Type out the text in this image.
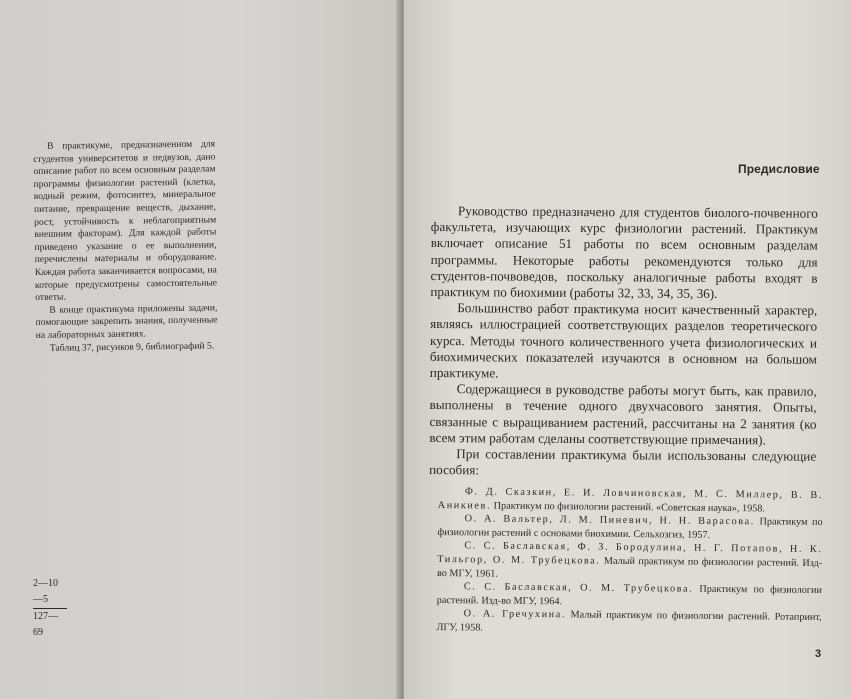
В практикуме, предназначенном для студентов университетов и педвузов, дано описание работ по всем основным разделам программы физиологии растений (клетка, водный режим, фотосинтез, минеральное питание, превращение веществ, дыхание, рост, устойчивость к неблагоприятным внешним факторам). Для каждой работы приведено указание о ее выполнении, перечислены материалы и оборудование. Каждая работа заканчивается вопросами, на которые предусмотрены самостоятельные ответы.

В конце практикума приложены задачи, помогающие закрепить знания, полученные на лабораторных занятиях.

Таблиц 37, рисунков 9, библиографий 5.

2—10—5
127—69
Предисловие

Руководство предназначено для студентов биолого-почвенного факультета, изучающих курс физиологии растений. Практикум включает описание 51 работы по всем основным разделам программы. Некоторые работы рекомендуются только для студентов-почвоведов, поскольку аналогичные работы входят в практикум по биохимии (работы 32, 33, 34, 35, 36).

Большинство работ практикума носит качественный характер, являясь иллюстрацией соответствующих разделов теоретического курса. Методы точного количественного учета физиологических и биохимических показателей изучаются в основном на большом практикуме.

Содержащиеся в руководстве работы могут быть, как правило, выполнены в течение одного двухчасового занятия. Опыты, связанные с выращиванием растений, рассчитаны на 2 занятия (ко всем этим работам сделаны соответствующие примечания).

При составлении практикума были использованы следующие пособия:

Ф. Д. Сказкин, Е. И. Ловчиновская, М. С. Миллер, В. В. Аникиев. Практикум по физиологии растений. «Советская наука», 1958.

О. А. Вальтер, Л. М. Пиневич, Н. Н. Варасова. Практикум по физиологии растений с основами биохимии. Сельхозгиз, 1957.

С. С. Баславская, Ф. З. Бородулина, Н. Г. Потапов, Н. К. Тильгор, О. М. Трубецкова. Малый практикум по физиологии растений. Изд-во МГУ, 1961.

С. С. Баславская, О. М. Трубецкова. Практикум по физиологии растений. Изд-во МГУ, 1964.

О. А. Гречухина. Малый практикум по физиологии растений. Ротапринт, ЛГУ, 1958.

3
